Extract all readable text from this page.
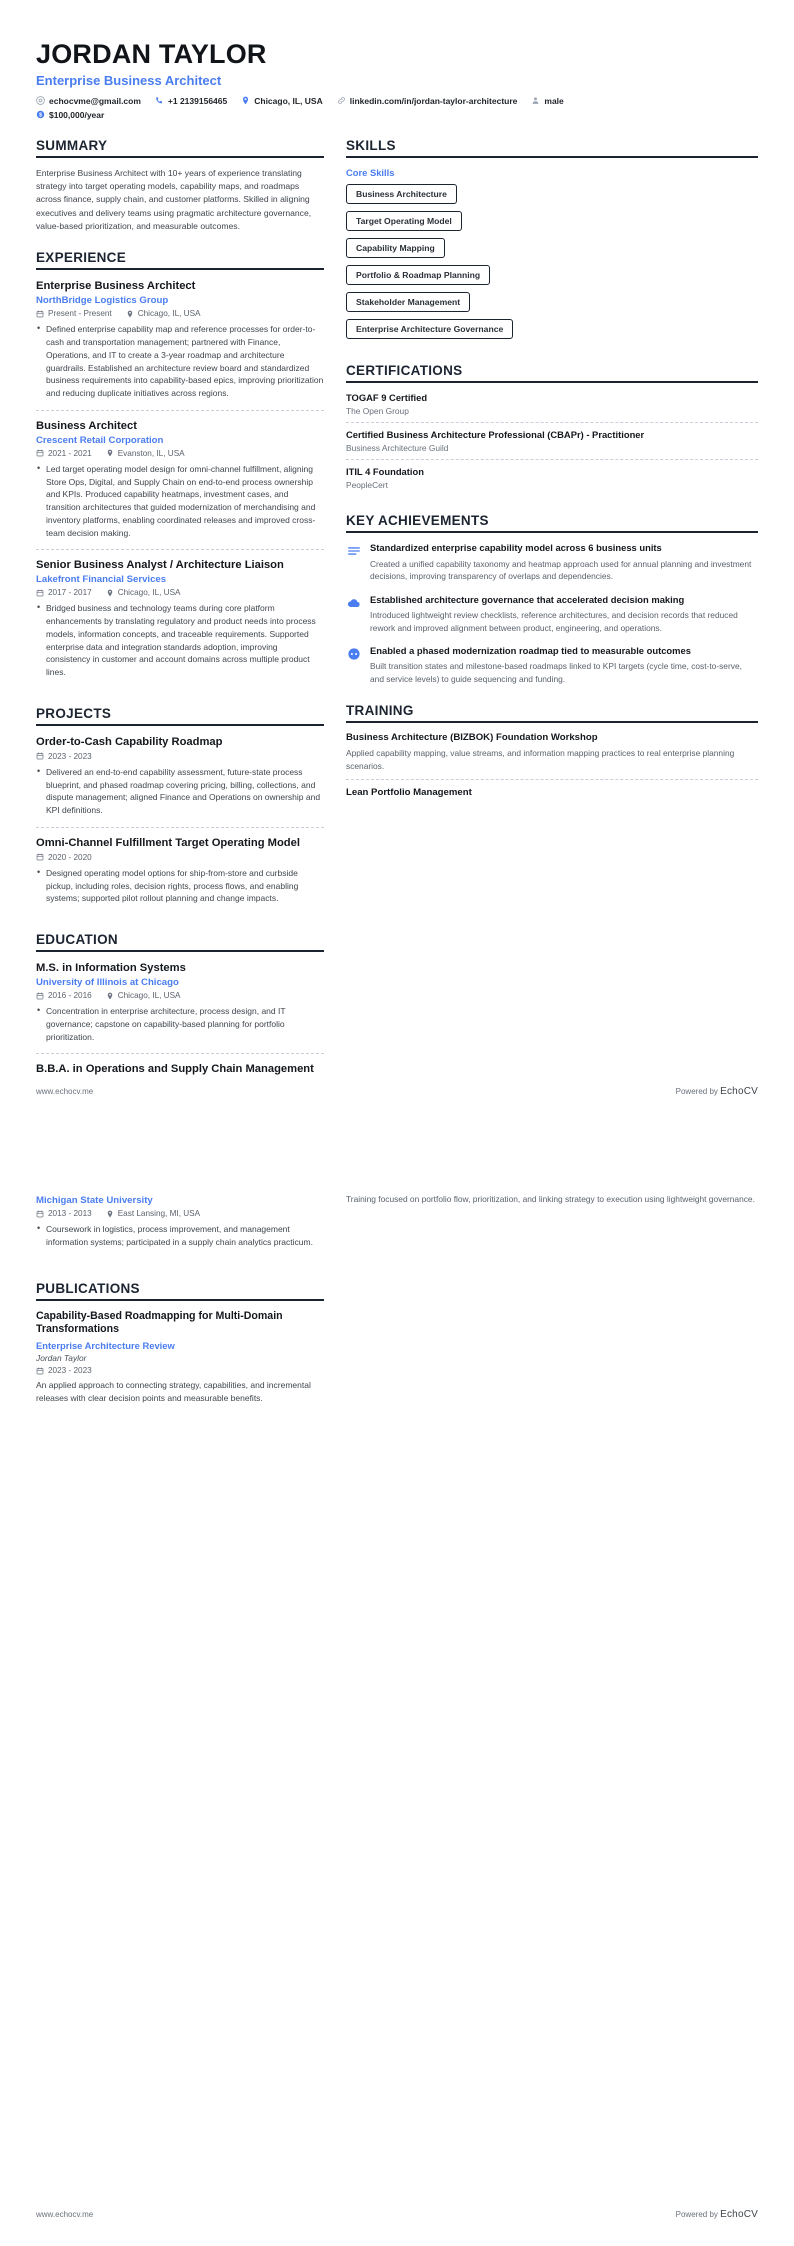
JORDAN TAYLOR
Enterprise Business Architect
echocvme@gmail.com	+1 2139156465	Chicago, IL, USA	linkedin.com/in/jordan-taylor-architecture	male
$ $100,000/year
SUMMARY
Enterprise Business Architect with 10+ years of experience translating strategy into target operating models, capability maps, and roadmaps across finance, supply chain, and customer platforms. Skilled in aligning executives and delivery teams using pragmatic architecture governance, value-based prioritization, and measurable outcomes.
EXPERIENCE
Enterprise Business Architect
NorthBridge Logistics Group
Present - Present	Chicago, IL, USA
• Defined enterprise capability map and reference processes for order-to-cash and transportation management; partnered with Finance, Operations, and IT to create a 3-year roadmap and architecture guardrails. Established an architecture review board and standardized business requirements into capability-based epics, improving prioritization and reducing duplicate initiatives across regions.
Business Architect
Crescent Retail Corporation
2021 - 2021	Evanston, IL, USA
• Led target operating model design for omni-channel fulfillment, aligning Store Ops, Digital, and Supply Chain on end-to-end process ownership and KPIs. Produced capability heatmaps, investment cases, and transition architectures that guided modernization of merchandising and inventory platforms, enabling coordinated releases and improved cross-team decision making.
Senior Business Analyst / Architecture Liaison
Lakefront Financial Services
2017 - 2017	Chicago, IL, USA
• Bridged business and technology teams during core platform enhancements by translating regulatory and product needs into process models, information concepts, and traceable requirements. Supported enterprise data and integration standards adoption, improving consistency in customer and account domains across multiple product lines.
PROJECTS
Order-to-Cash Capability Roadmap
2023 - 2023
• Delivered an end-to-end capability assessment, future-state process blueprint, and phased roadmap covering pricing, billing, collections, and dispute management; aligned Finance and Operations on ownership and KPI definitions.
Omni-Channel Fulfillment Target Operating Model
2020 - 2020
• Designed operating model options for ship-from-store and curbside pickup, including roles, decision rights, process flows, and enabling systems; supported pilot rollout planning and change impacts.
EDUCATION
M.S. in Information Systems
University of Illinois at Chicago
2016 - 2016	Chicago, IL, USA
• Concentration in enterprise architecture, process design, and IT governance; capstone on capability-based planning for portfolio prioritization.
B.B.A. in Operations and Supply Chain Management
SKILLS
Core Skills
Business Architecture
Target Operating Model
Capability Mapping
Portfolio & Roadmap Planning
Stakeholder Management
Enterprise Architecture Governance
CERTIFICATIONS
TOGAF 9 Certified
The Open Group
Certified Business Architecture Professional (CBAPr) - Practitioner
Business Architecture Guild
ITIL 4 Foundation
PeopleCert
KEY ACHIEVEMENTS
Standardized enterprise capability model across 6 business units
Created a unified capability taxonomy and heatmap approach used for annual planning and investment decisions, improving transparency of overlaps and dependencies.
Established architecture governance that accelerated decision making
Introduced lightweight review checklists, reference architectures, and decision records that reduced rework and improved alignment between product, engineering, and operations.
Enabled a phased modernization roadmap tied to measurable outcomes
Built transition states and milestone-based roadmaps linked to KPI targets (cycle time, cost-to-serve, and service levels) to guide sequencing and funding.
TRAINING
Business Architecture (BIZBOK) Foundation Workshop
Applied capability mapping, value streams, and information mapping practices to real enterprise planning scenarios.
Lean Portfolio Management
www.echocv.me	Powered by EchoCV
Michigan State University
2013 - 2013	East Lansing, MI, USA
• Coursework in logistics, process improvement, and management information systems; participated in a supply chain analytics practicum.
PUBLICATIONS
Capability-Based Roadmapping for Multi-Domain Transformations
Enterprise Architecture Review
Jordan Taylor
2023 - 2023
An applied approach to connecting strategy, capabilities, and incremental releases with clear decision points and measurable benefits.
Training focused on portfolio flow, prioritization, and linking strategy to execution using lightweight governance.
www.echocv.me	Powered by EchoCV
